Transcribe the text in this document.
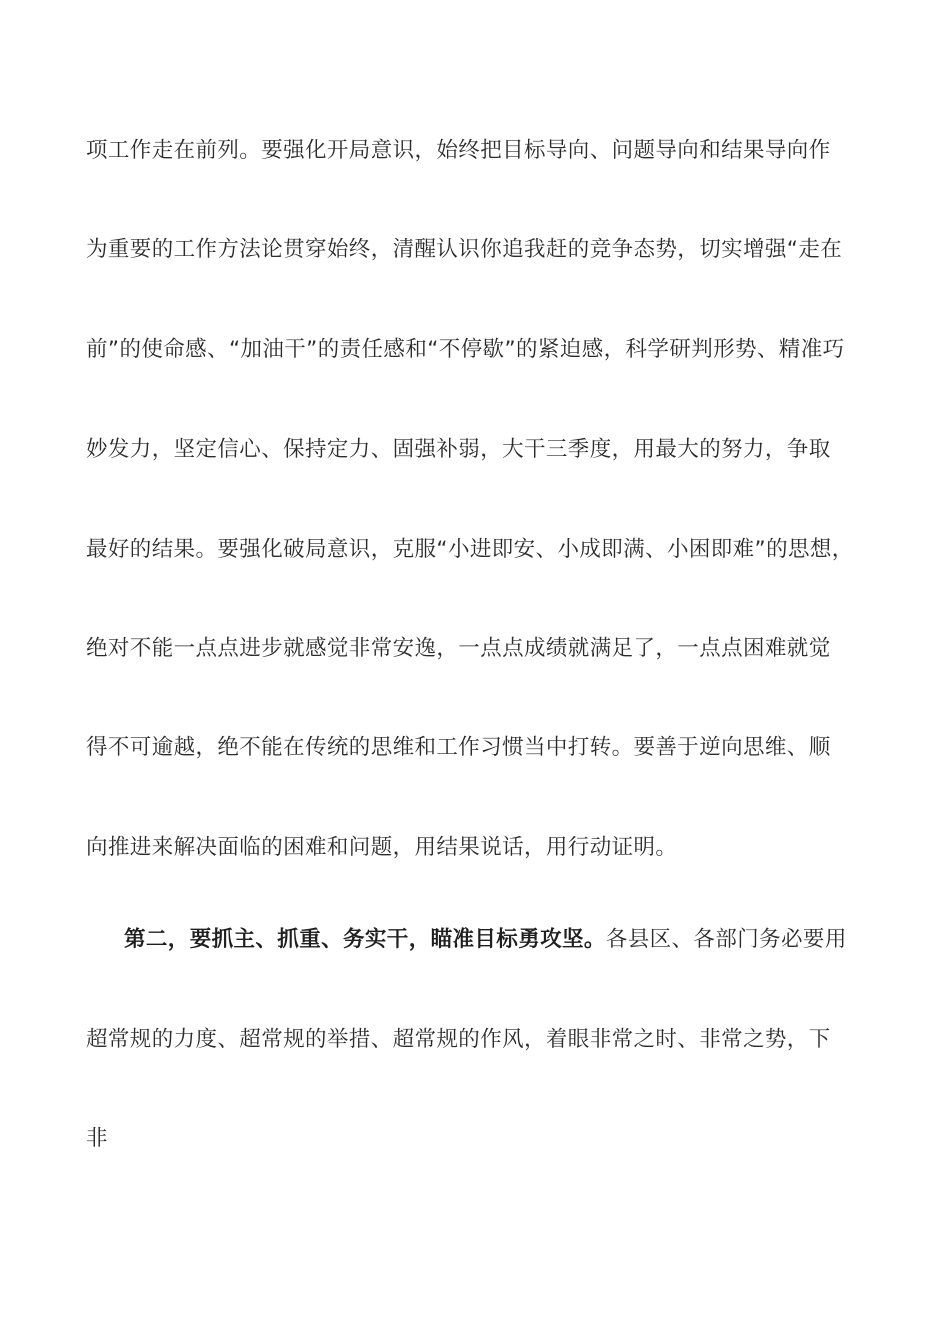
项工作走在前列。要强化开局意识，始终把目标导向、问题导向和结果导向作
为重要的工作方法论贯穿始终，清醒认识你追我赶的竞争态势，切实增强“走在
前”的使命感、“加油干”的责任感和“不停歇”的紧迫感，科学研判形势、精准巧
妙发力，坚定信心、保持定力、固强补弱，大干三季度，用最大的努力，争取
最好的结果。要强化破局意识，克服“小进即安、小成即满、小困即难”的思想，
绝对不能一点点进步就感觉非常安逸，一点点成绩就满足了，一点点困难就觉
得不可逾越，绝不能在传统的思维和工作习惯当中打转。要善于逆向思维、顺
向推进来解决面临的困难和问题，用结果说话，用行动证明。
第二，要抓主、抓重、务实干，瞄准目标勇攻坚。各县区、各部门务必要用
超常规的力度、超常规的举措、超常规的作风，着眼非常之时、非常之势，下
非
